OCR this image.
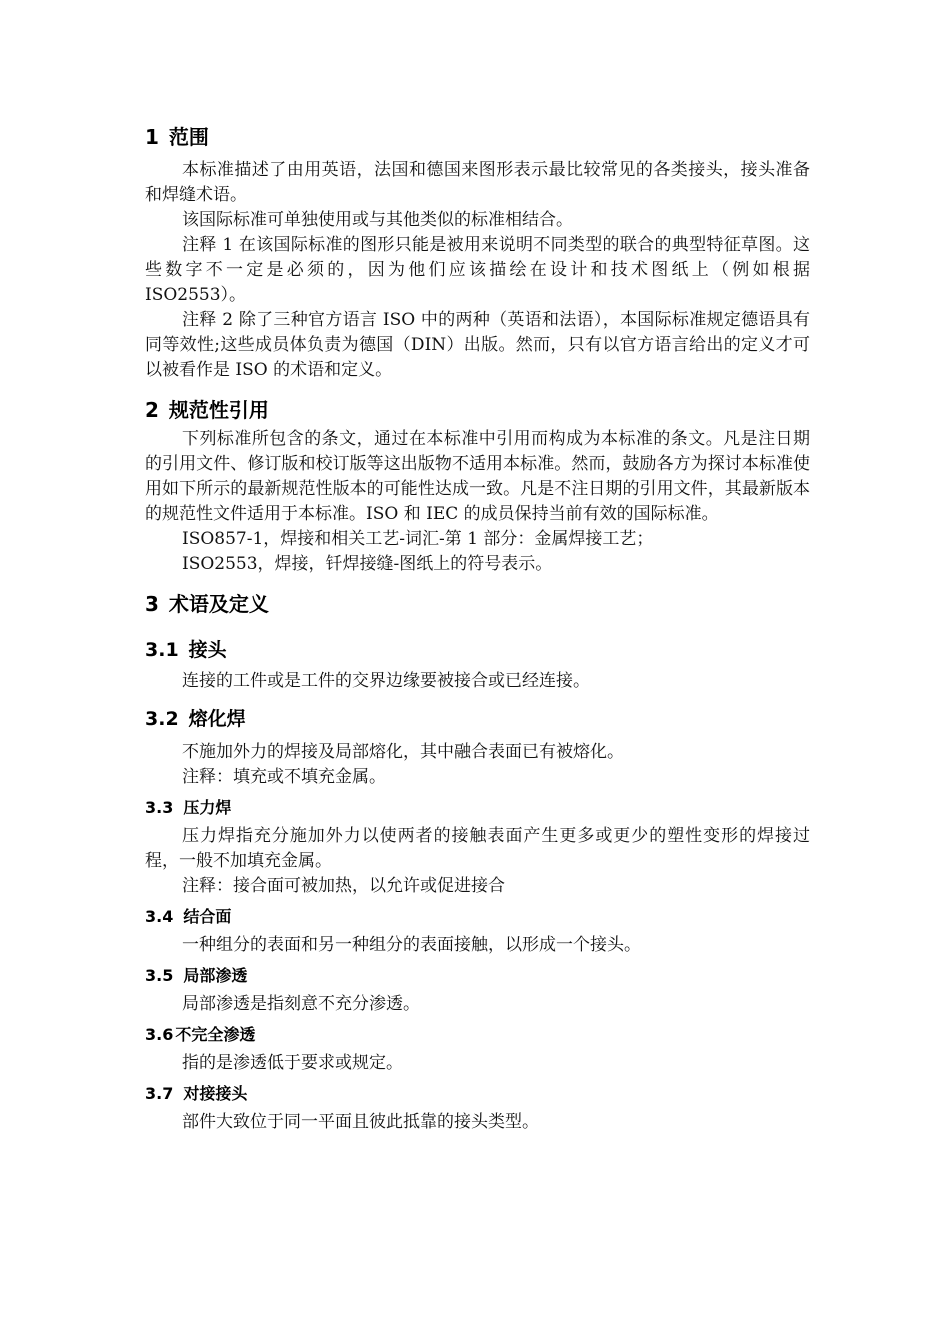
1 范围

本标准描述了由用英语，法国和德国来图形表示最比较常见的各类接头，接头准备和焊缝术语。

该国际标准可单独使用或与其他类似的标准相结合。

注释 1 在该国际标准的图形只能是被用来说明不同类型的联合的典型特征草图。这些数字不一定是必须的，因为他们应该描绘在设计和技术图纸上（例如根据 ISO2553）。

注释 2 除了三种官方语言 ISO 中的两种（英语和法语），本国际标准规定德语具有同等效性;这些成员体负责为德国（DIN）出版。然而，只有以官方语言给出的定义才可以被看作是 ISO 的术语和定义。

2 规范性引用

下列标准所包含的条文，通过在本标准中引用而构成为本标准的条文。凡是注日期的引用文件、修订版和校订版等这出版物不适用本标准。然而，鼓励各方为探讨本标准使用如下所示的最新规范性版本的可能性达成一致。凡是不注日期的引用文件，其最新版本的规范性文件适用于本标准。ISO 和 IEC 的成员保持当前有效的国际标准。

ISO857-1，焊接和相关工艺-词汇-第 1 部分：金属焊接工艺；

ISO2553，焊接，钎焊接缝-图纸上的符号表示。

3 术语及定义
3.1 接头

连接的工件或是工件的交界边缘要被接合或已经连接。

3.2 熔化焊

不施加外力的焊接及局部熔化，其中融合表面已有被熔化。

注释：填充或不填充金属。

3.3 压力焊

压力焊指充分施加外力以使两者的接触表面产生更多或更少的塑性变形的焊接过程，一般不加填充金属。

注释：接合面可被加热，以允许或促进接合

3.4 结合面

一种组分的表面和另一种组分的表面接触，以形成一个接头。

3.5 局部渗透

局部渗透是指刻意不充分渗透。

3.6 不完全渗透

指的是渗透低于要求或规定。

3.7 对接接头

部件大致位于同一平面且彼此抵靠的接头类型。
